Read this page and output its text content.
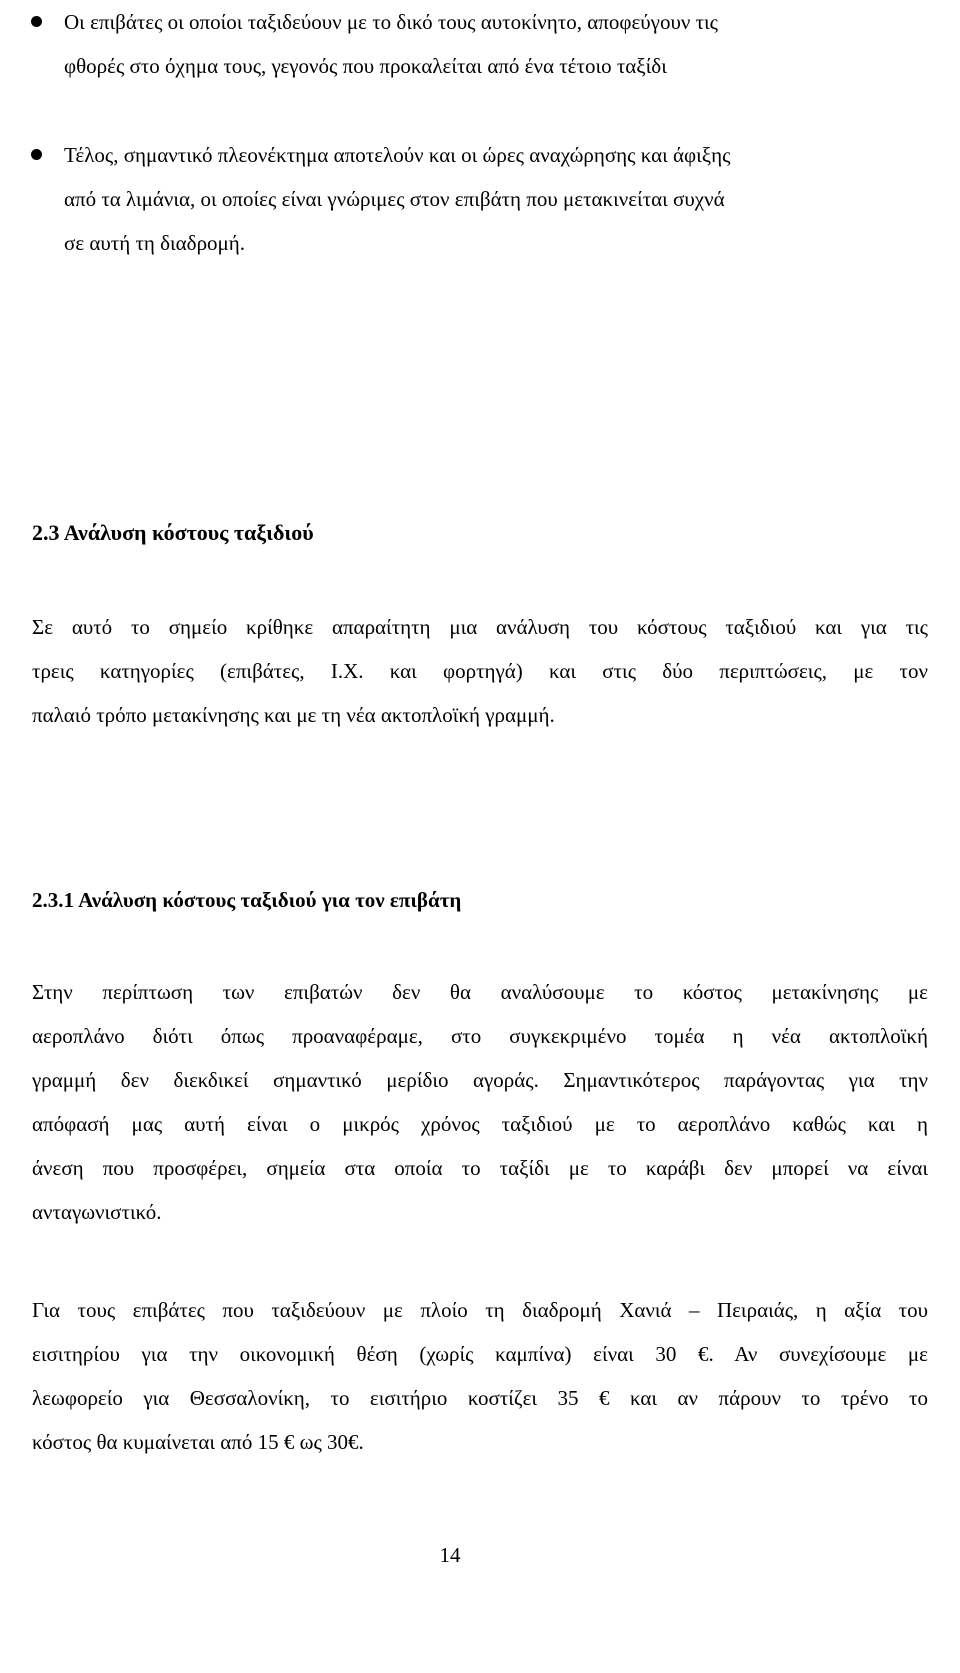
Οι επιβάτες οι οποίοι ταξιδεύουν με το δικό τους αυτοκίνητο, αποφεύγουν τις
φθορές στο όχημα τους, γεγονός που προκαλείται από ένα τέτοιο ταξίδι
Τέλος, σημαντικό πλεονέκτημα αποτελούν και οι ώρες αναχώρησης και άφιξης
από τα λιμάνια, οι οποίες είναι γνώριμες στον επιβάτη που μετακινείται συχνά
σε αυτή τη διαδρομή.
2.3 Ανάλυση κόστους ταξιδιού

Σε αυτό το σημείο κρίθηκε απαραίτητη μια ανάλυση του κόστους ταξιδιού και για τις
τρεις κατηγορίες (επιβάτες, Ι.Χ. και φορτηγά) και στις δύο περιπτώσεις, με τον
παλαιό τρόπο μετακίνησης και με τη νέα ακτοπλοϊκή γραμμή.

2.3.1 Ανάλυση κόστους ταξιδιού για τον επιβάτη

Στην περίπτωση των επιβατών δεν θα αναλύσουμε το κόστος μετακίνησης με
αεροπλάνο διότι όπως προαναφέραμε, στο συγκεκριμένο τομέα η νέα ακτοπλοϊκή
γραμμή δεν διεκδικεί σημαντικό μερίδιο αγοράς. Σημαντικότερος παράγοντας για την
απόφασή μας αυτή είναι ο μικρός χρόνος ταξιδιού με το αεροπλάνο καθώς και η
άνεση που προσφέρει, σημεία στα οποία το ταξίδι με το καράβι δεν μπορεί να είναι
ανταγωνιστικό.

Για τους επιβάτες που ταξιδεύουν με πλοίο τη διαδρομή Χανιά – Πειραιάς, η αξία του
εισιτηρίου για την οικονομική θέση (χωρίς καμπίνα) είναι 30 €. Αν συνεχίσουμε με
λεωφορείο για Θεσσαλονίκη, το εισιτήριο κοστίζει 35 € και αν πάρουν το τρένο το
κόστος θα κυμαίνεται από 15 € ως 30€.

14
